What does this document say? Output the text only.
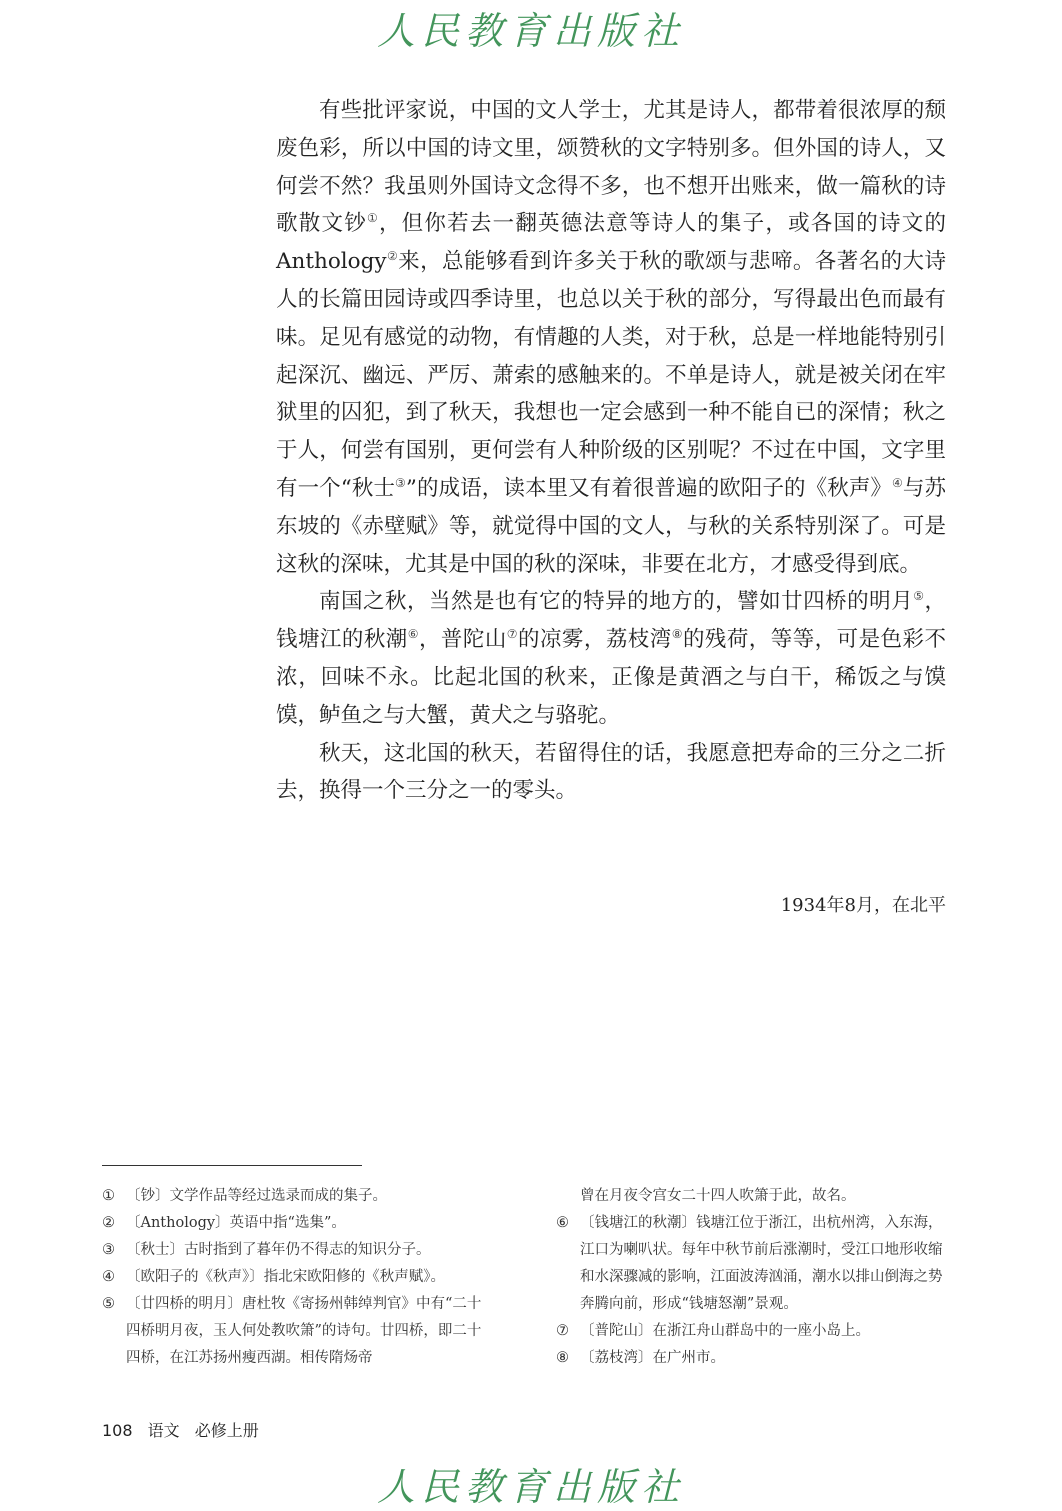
人民教育出版社

有些批评家说，中国的文人学士，尤其是诗人，都带着很浓厚的颓废色彩，所以中国的诗文里，颂赞秋的文字特别多。但外国的诗人，又何尝不然？我虽则外国诗文念得不多，也不想开出账来，做一篇秋的诗歌散文钞①，但你若去一翻英德法意等诗人的集子，或各国的诗文的Anthology②来，总能够看到许多关于秋的歌颂与悲啼。各著名的大诗人的长篇田园诗或四季诗里，也总以关于秋的部分，写得最出色而最有味。足见有感觉的动物，有情趣的人类，对于秋，总是一样地能特别引起深沉、幽远、严厉、萧索的感触来的。不单是诗人，就是被关闭在牢狱里的囚犯，到了秋天，我想也一定会感到一种不能自已的深情；秋之于人，何尝有国别，更何尝有人种阶级的区别呢？不过在中国，文字里有一个“秋士③”的成语，读本里又有着很普遍的欧阳子的《秋声》④与苏东坡的《赤壁赋》等，就觉得中国的文人，与秋的关系特别深了。可是这秋的深味，尤其是中国的秋的深味，非要在北方，才感受得到底。

南国之秋，当然是也有它的特异的地方的，譬如廿四桥的明月⑤，钱塘江的秋潮⑥，普陀山⑦的凉雾，荔枝湾⑧的残荷，等等，可是色彩不浓，回味不永。比起北国的秋来，正像是黄酒之与白干，稀饭之与馍馍，鲈鱼之与大蟹，黄犬之与骆驼。

秋天，这北国的秋天，若留得住的话，我愿意把寿命的三分之二折去，换得一个三分之一的零头。

1934年8月，在北平

① 〔钞〕文学作品等经过选录而成的集子。

② 〔Anthology〕英语中指“选集”。

③ 〔秋士〕古时指到了暮年仍不得志的知识分子。

④ 〔欧阳子的《秋声》〕指北宋欧阳修的《秋声赋》。

⑤ 〔廿四桥的明月〕唐杜牧《寄扬州韩绰判官》中有“二十四桥明月夜，玉人何处教吹箫”的诗句。廿四桥，即二十四桥，在江苏扬州瘦西湖。相传隋炀帝

曾在月夜令宫女二十四人吹箫于此，故名。

⑥ 〔钱塘江的秋潮〕钱塘江位于浙江，出杭州湾，入东海，江口为喇叭状。每年中秋节前后涨潮时，受江口地形收缩和水深骤减的影响，江面波涛汹涌，潮水以排山倒海之势奔腾向前，形成“钱塘怒潮”景观。

⑦ 〔普陀山〕在浙江舟山群岛中的一座小岛上。

⑧ 〔荔枝湾〕在广州市。

108 语文 必修上册
人民教育出版社
